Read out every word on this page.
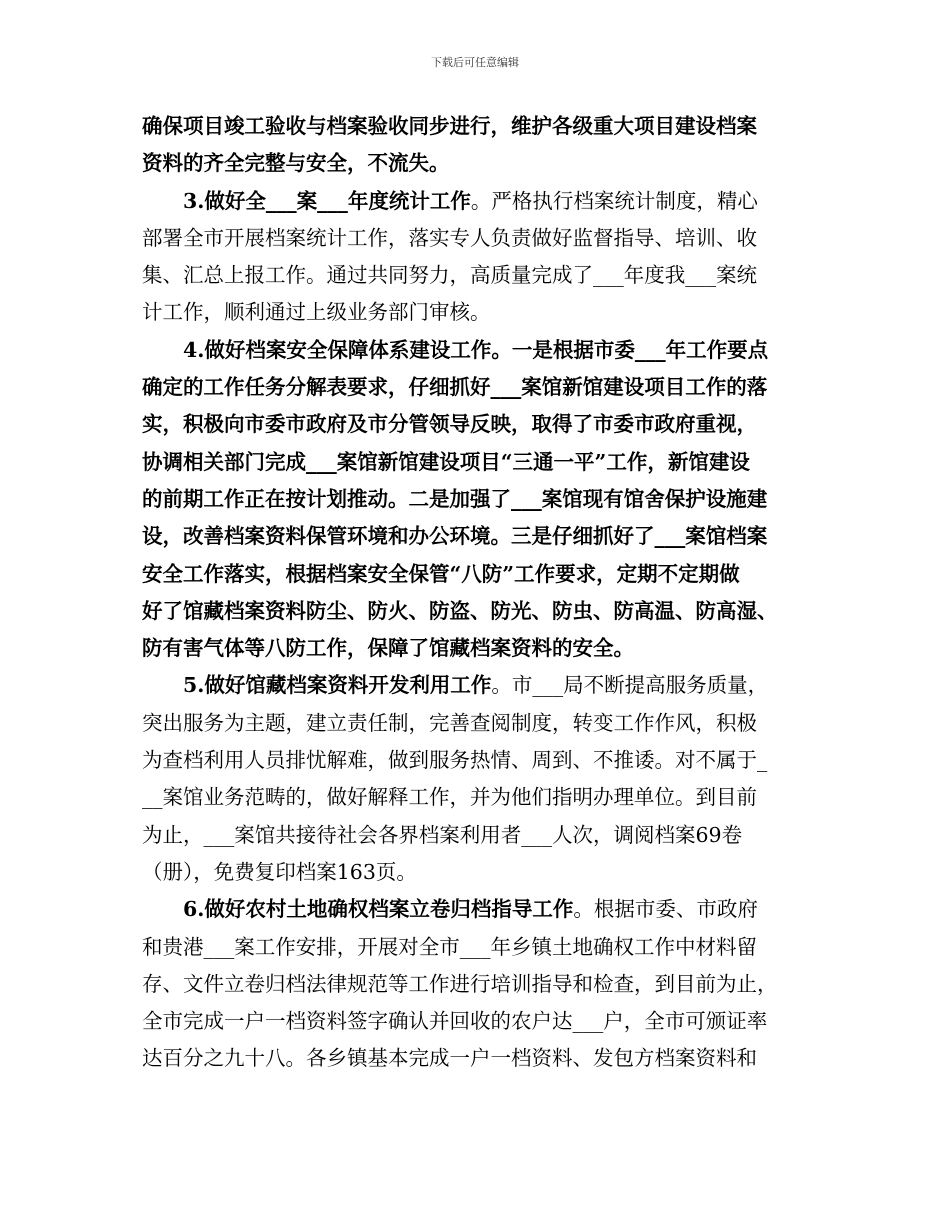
下载后可任意编辑
确保项目竣工验收与档案验收同步进行，维护各级重大项目建设档案
资料的齐全完整与安全，不流失。
3.做好全___案___年度统计工作。严格执行档案统计制度，精心
部署全市开展档案统计工作，落实专人负责做好监督指导、培训、收
集、汇总上报工作。通过共同努力，高质量完成了___年度我___案统
计工作，顺利通过上级业务部门审核。
4.做好档案安全保障体系建设工作。一是根据市委___年工作要点
确定的工作任务分解表要求，仔细抓好___案馆新馆建设项目工作的落
实，积极向市委市政府及市分管领导反映，取得了市委市政府重视，
协调相关部门完成___案馆新馆建设项目“三通一平”工作，新馆建设
的前期工作正在按计划推动。二是加强了___案馆现有馆舍保护设施建
设，改善档案资料保管环境和办公环境。三是仔细抓好了___案馆档案
安全工作落实，根据档案安全保管“八防”工作要求，定期不定期做
好了馆藏档案资料防尘、防火、防盗、防光、防虫、防高温、防高湿、
防有害气体等八防工作，保障了馆藏档案资料的安全。
5.做好馆藏档案资料开发利用工作。市___局不断提高服务质量，
突出服务为主题，建立责任制，完善查阅制度，转变工作作风，积极
为查档利用人员排忧解难，做到服务热情、周到、不推诿。对不属于_
__案馆业务范畴的，做好解释工作，并为他们指明办理单位。到目前
为止，___案馆共接待社会各界档案利用者___人次，调阅档案69卷
（册），免费复印档案163页。
6.做好农村土地确权档案立卷归档指导工作。根据市委、市政府
和贵港___案工作安排，开展对全市___年乡镇土地确权工作中材料留
存、文件立卷归档法律规范等工作进行培训指导和检查，到目前为止，
全市完成一户一档资料签字确认并回收的农户达___户，全市可颁证率
达百分之九十八。各乡镇基本完成一户一档资料、发包方档案资料和
